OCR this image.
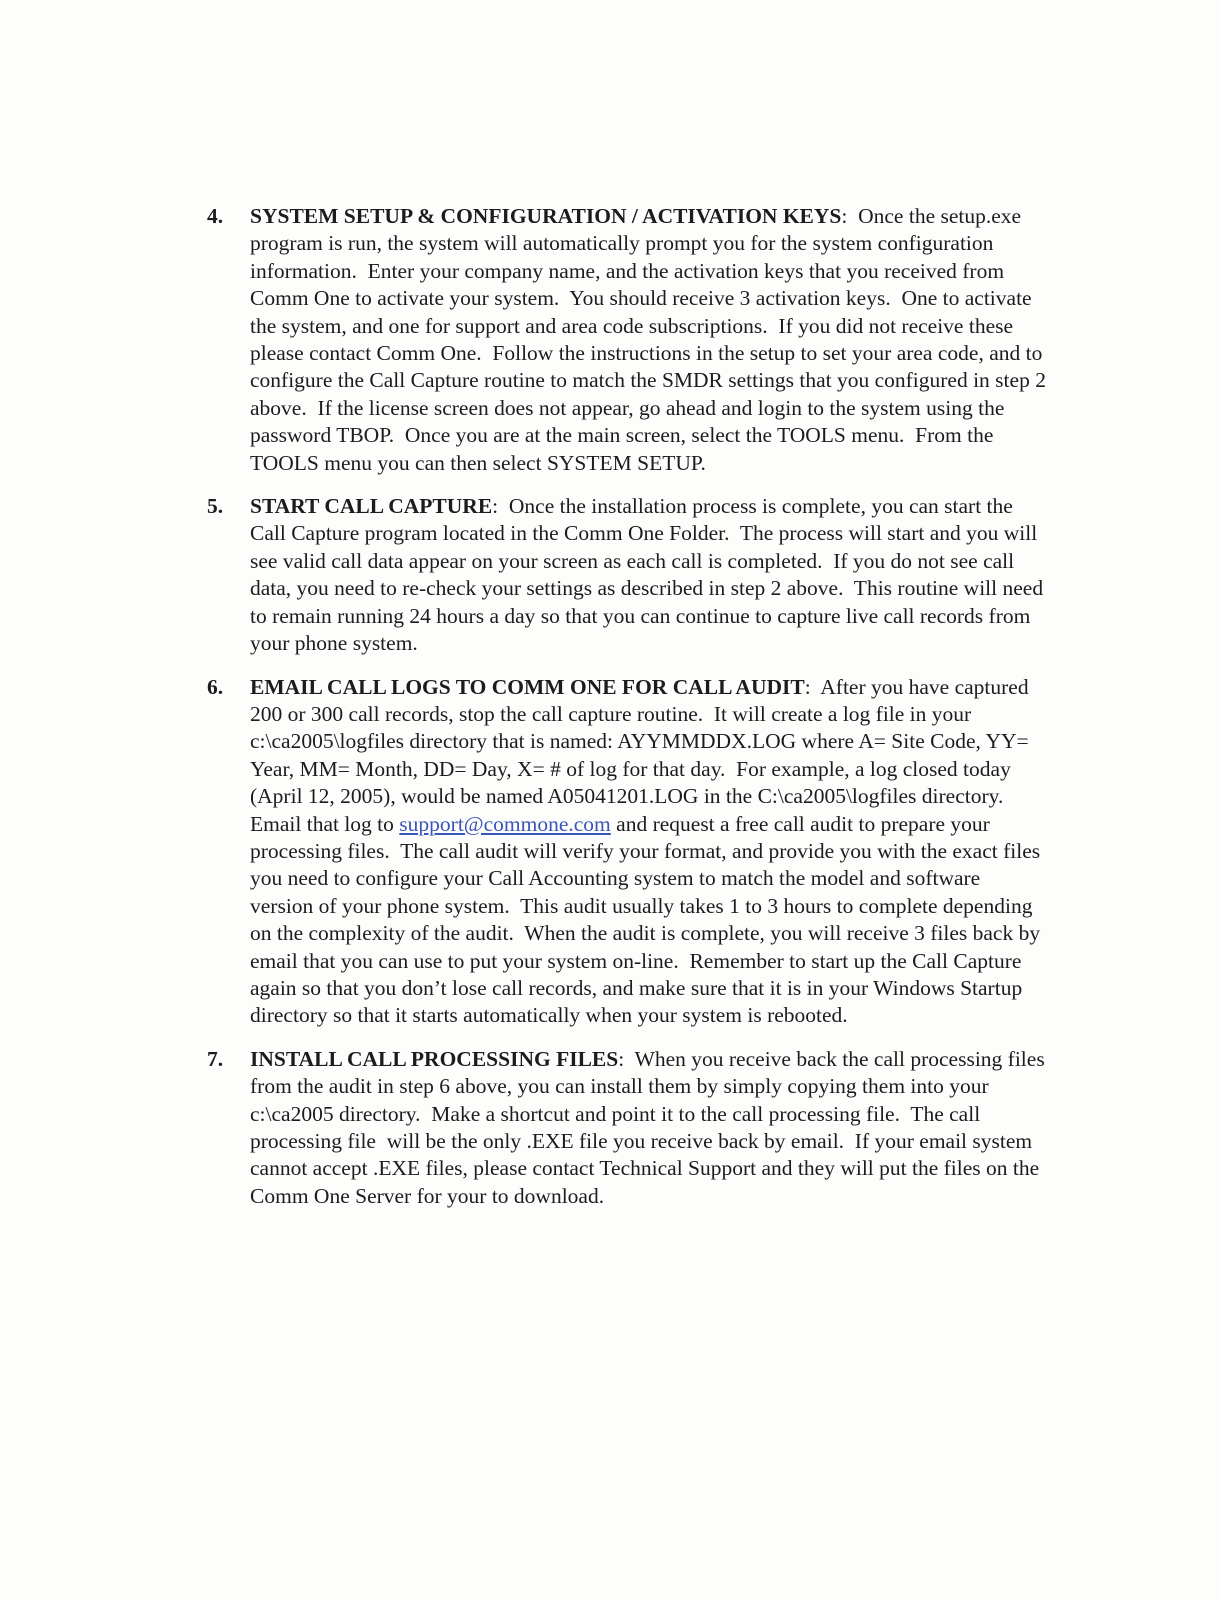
4. SYSTEM SETUP & CONFIGURATION / ACTIVATION KEYS:  Once the setup.exe program is run, the system will automatically prompt you for the system configuration information.  Enter your company name, and the activation keys that you received from Comm One to activate your system.  You should receive 3 activation keys.  One to activate the system, and one for support and area code subscriptions.  If you did not receive these please contact Comm One.  Follow the instructions in the setup to set your area code, and to configure the Call Capture routine to match the SMDR settings that you configured in step 2 above.  If the license screen does not appear, go ahead and login to the system using the password TBOP.  Once you are at the main screen, select the TOOLS menu.  From the TOOLS menu you can then select SYSTEM SETUP.
5. START CALL CAPTURE:  Once the installation process is complete, you can start the Call Capture program located in the Comm One Folder.  The process will start and you will see valid call data appear on your screen as each call is completed.  If you do not see call data, you need to re-check your settings as described in step 2 above.  This routine will need to remain running 24 hours a day so that you can continue to capture live call records from your phone system.
6. EMAIL CALL LOGS TO COMM ONE FOR CALL AUDIT:  After you have captured 200 or 300 call records, stop the call capture routine.  It will create a log file in your c:\ca2005\logfiles directory that is named: AYYMMDDX.LOG where A= Site Code, YY= Year, MM= Month, DD= Day, X= # of log for that day.  For example, a log closed today (April 12, 2005), would be named A05041201.LOG in the C:\ca2005\logfiles directory.  Email that log to support@commone.com and request a free call audit to prepare your processing files.  The call audit will verify your format, and provide you with the exact files you need to configure your Call Accounting system to match the model and software version of your phone system.  This audit usually takes 1 to 3 hours to complete depending on the complexity of the audit.  When the audit is complete, you will receive 3 files back by email that you can use to put your system on-line.  Remember to start up the Call Capture again so that you don’t lose call records, and make sure that it is in your Windows Startup directory so that it starts automatically when your system is rebooted.
7. INSTALL CALL PROCESSING FILES:  When you receive back the call processing files from the audit in step 6 above, you can install them by simply copying them into your c:\ca2005 directory.  Make a shortcut and point it to the call processing file.  The call processing file  will be the only .EXE file you receive back by email.  If your email system cannot accept .EXE files, please contact Technical Support and they will put the files on the Comm One Server for your to download.
